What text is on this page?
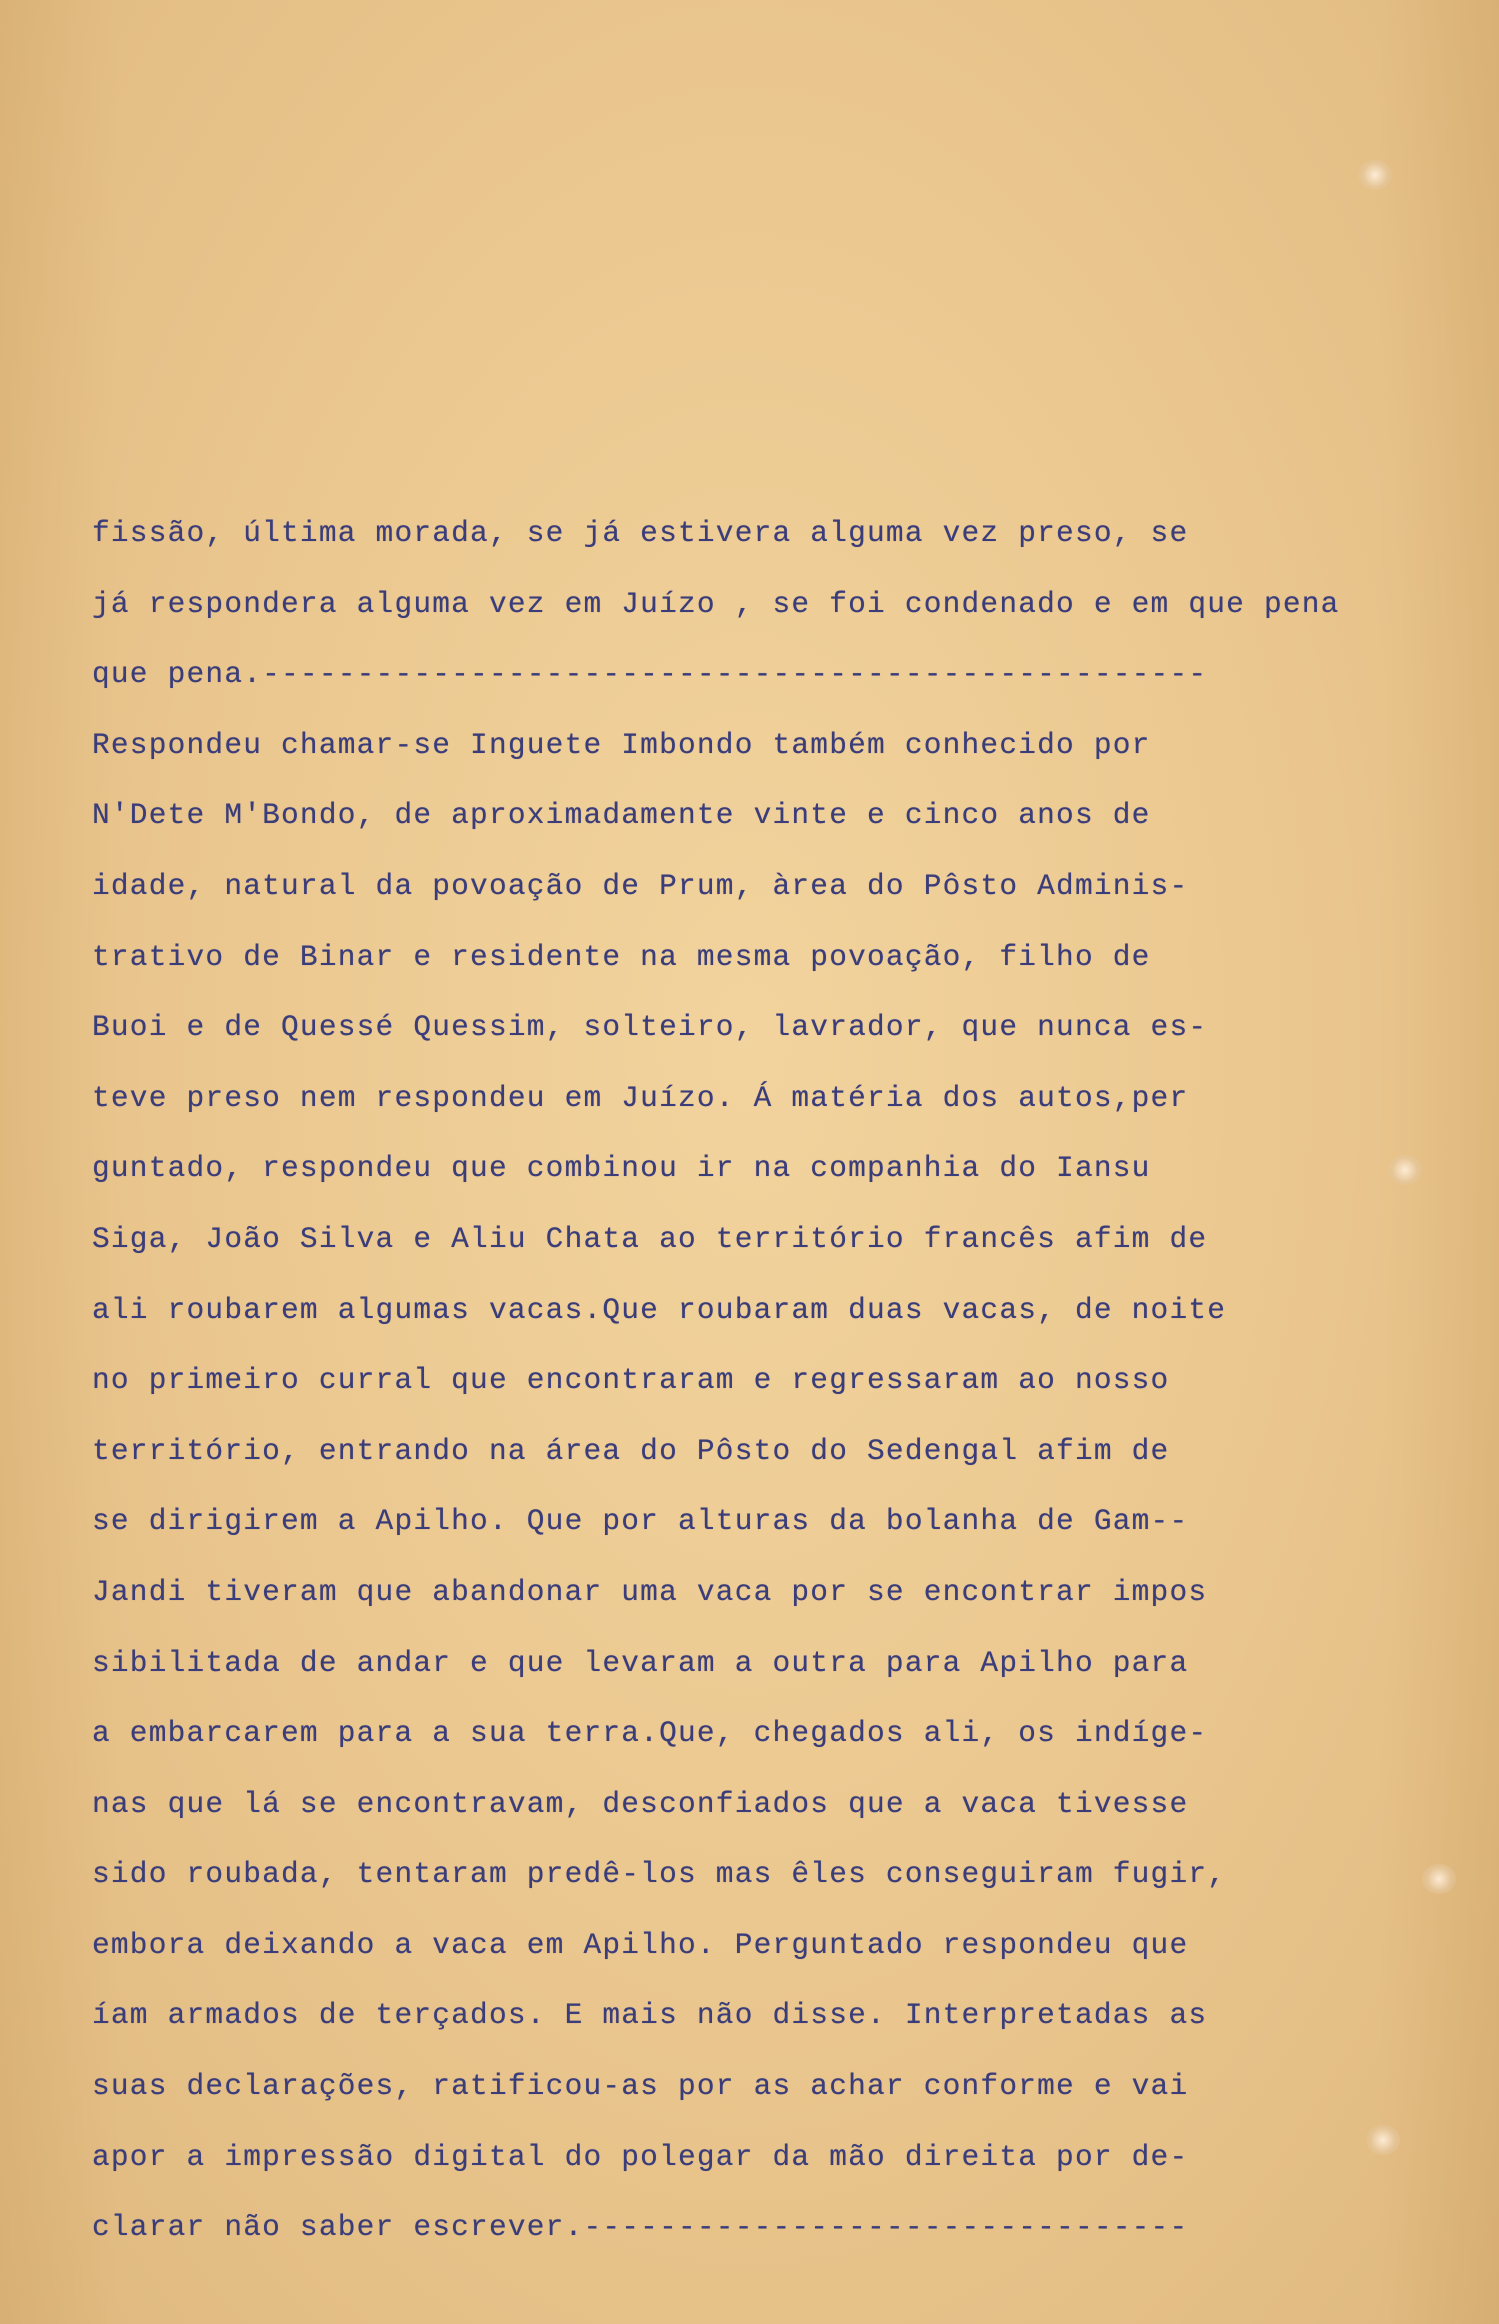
fissão, última morada, se já estivera alguma vez preso, se
já respondera alguma vez em Juízo , se foi condenado e em que pena
que pena.--------------------------------------------------
Respondeu chamar-se Inguete Imbondo também conhecido por
N'Dete M'Bondo, de aproximadamente vinte e cinco anos de
idade, natural da povoação de Prum, àrea do Pôsto Adminis-
trativo de Binar e residente na mesma povoação, filho de
Buoi e de Quessé Quessim, solteiro, lavrador, que nunca es-
teve preso nem respondeu em Juízo. Á matéria dos autos,per
guntado, respondeu que combinou ir na companhia do Iansu
Siga, João Silva e Aliu Chata ao território francês afim de
ali roubarem algumas vacas.Que roubaram duas vacas, de noite
no primeiro curral que encontraram e regressaram ao nosso
território, entrando na área do Pôsto do Sedengal afim de
se dirigirem a Apilho. Que por alturas da bolanha de Gam--
Jandi tiveram que abandonar uma vaca por se encontrar impos
sibilitada de andar e que levaram a outra para Apilho para
a embarcarem para a sua terra.Que, chegados ali, os indíge-
nas que lá se encontravam, desconfiados que a vaca tivesse
sido roubada, tentaram predê-los mas êles conseguiram fugir,
embora deixando a vaca em Apilho. Perguntado respondeu que
íam armados de terçados. E mais não disse. Interpretadas as
suas declarações, ratificou-as por as achar conforme e vai
apor a impressão digital do polegar da mão direita por de-
clarar não saber escrever.--------------------------------
